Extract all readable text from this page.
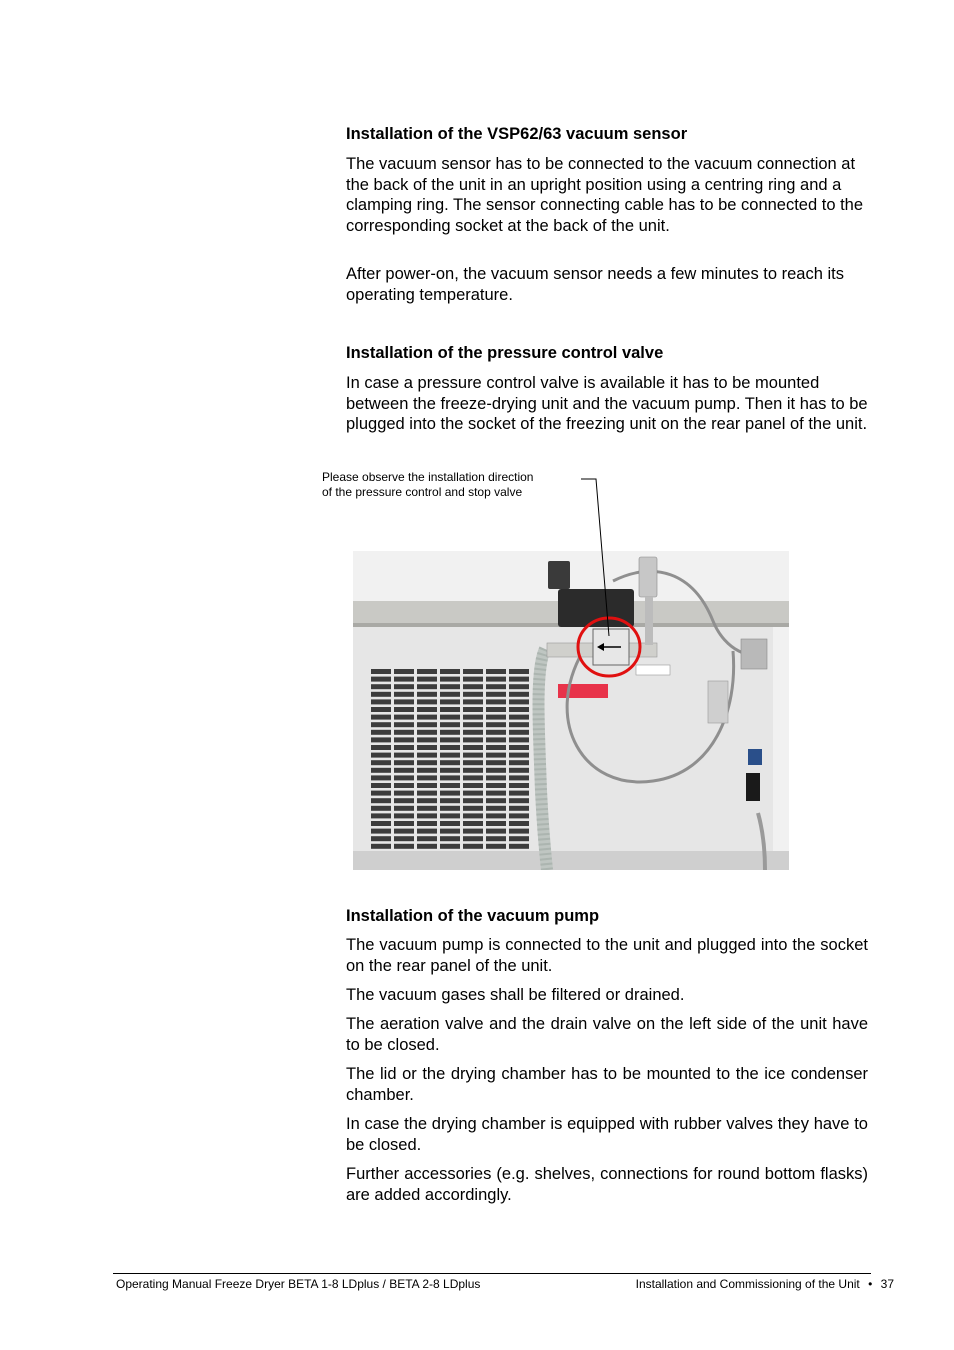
Installation of the VSP62/63 vacuum sensor

The vacuum sensor has to be connected to the vacuum connection at the back of the unit in an upright position using a centring ring and a clamping ring. The sensor connecting cable has to be connected to the corresponding socket at the back of the unit.

After power-on, the vacuum sensor needs a few minutes to reach its operating temperature.

Installation of the pressure control valve

In case a pressure control valve is available it has to be mounted between the freeze-drying unit and the vacuum pump. Then it has to be plugged into the socket of the freezing unit on the rear panel of the unit.

Please observe the installation direction
of the pressure control and stop valve
Installation of the vacuum pump

The vacuum pump is connected to the unit and plugged into the socket on the rear panel of the unit.

The vacuum gases shall be filtered or drained.

The aeration valve and the drain valve on the left side of the unit have to be closed.

The lid or the drying chamber has to be mounted to the ice condenser chamber.

In case the drying chamber is equipped with rubber valves they have to be closed.

Further accessories (e.g. shelves, connections for round bottom flasks) are added accordingly.

Operating Manual Freeze Dryer BETA 1-8 LDplus / BETA 2-8 LDplus	Installation and Commissioning of the Unit • 37
